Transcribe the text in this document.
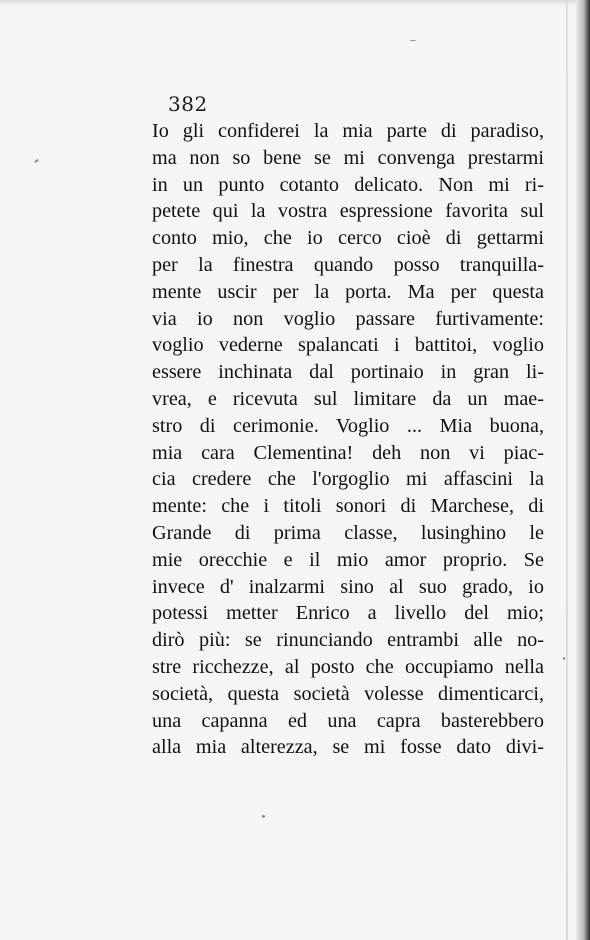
382
Io gli confiderei la mia parte di paradiso,
ma non so bene se mi convenga prestarmi
in un punto cotanto delicato. Non mi ri-
petete qui la vostra espressione favorita sul
conto mio, che io cerco cioè di gettarmi
per la finestra quando posso tranquilla-
mente uscir per la porta. Ma per questa
via io non voglio passare furtivamente:
voglio vederne spalancati i battitoi, voglio
essere inchinata dal portinaio in gran li-
vrea, e ricevuta sul limitare da un mae-
stro di cerimonie. Voglio ... Mia buona,
mia cara Clementina! deh non vi piac-
cia credere che l'orgoglio mi affascini la
mente: che i titoli sonori di Marchese, di
Grande di prima classe, lusinghino le
mie orecchie e il mio amor proprio. Se
invece d' inalzarmi sino al suo grado, io
potessi metter Enrico a livello del mio;
dirò più: se rinunciando entrambi alle no-
stre ricchezze, al posto che occupiamo nella
società, questa società volesse dimenticarci,
una capanna ed una capra basterebbero
alla mia alterezza, se mi fosse dato divi-
